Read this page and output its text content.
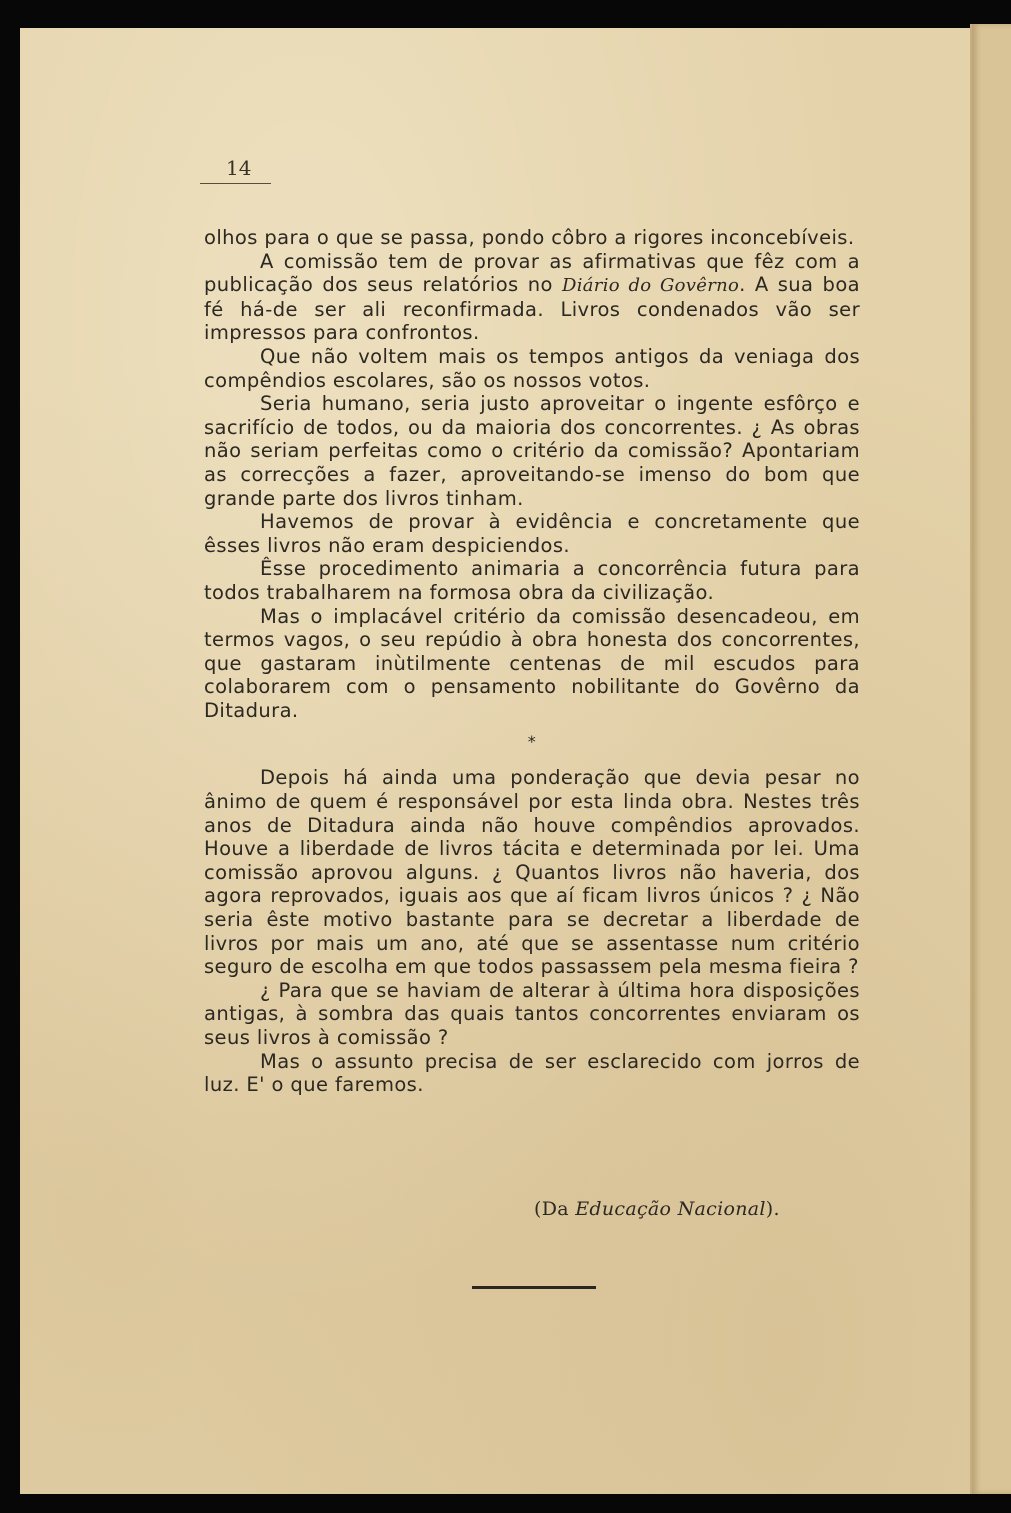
14

olhos para o que se passa, pondo côbro a rigores inconcebíveis.

A comissão tem de provar as afirmativas que fêz com a publicação dos seus relatórios no Diário do Govêrno. A sua boa fé há-de ser ali reconfirmada. Livros condenados vão ser impressos para confrontos.

Que não voltem mais os tempos antigos da veniaga dos compêndios escolares, são os nossos votos.

Seria humano, seria justo aproveitar o ingente esfôrço e sacrifício de todos, ou da maioria dos concorrentes. ¿ As obras não seriam perfeitas como o critério da comissão? Apontariam as correcções a fazer, aproveitando-se imenso do bom que grande parte dos livros tinham.

Havemos de provar à evidência e concretamente que êsses livros não eram despiciendos.

Êsse procedimento animaria a concorrência futura para todos trabalharem na formosa obra da civilização.

Mas o implacável critério da comissão desencadeou, em termos vagos, o seu repúdio à obra honesta dos concorrentes, que gastaram inùtilmente centenas de mil escudos para colaborarem com o pensamento nobilitante do Govêrno da Ditadura.

*

Depois há ainda uma ponderação que devia pesar no ânimo de quem é responsável por esta linda obra. Nestes três anos de Ditadura ainda não houve compêndios aprovados. Houve a liberdade de livros tácita e determinada por lei. Uma comissão aprovou alguns. ¿ Quantos livros não haveria, dos agora reprovados, iguais aos que aí ficam livros únicos ? ¿ Não seria êste motivo bastante para se decretar a liberdade de livros por mais um ano, até que se assentasse num critério seguro de escolha em que todos passassem pela mesma fieira ?

¿ Para que se haviam de alterar à última hora disposições antigas, à sombra das quais tantos concorrentes enviaram os seus livros à comissão ?

Mas o assunto precisa de ser esclarecido com jorros de luz. E' o que faremos.

(Da Educação Nacional).
